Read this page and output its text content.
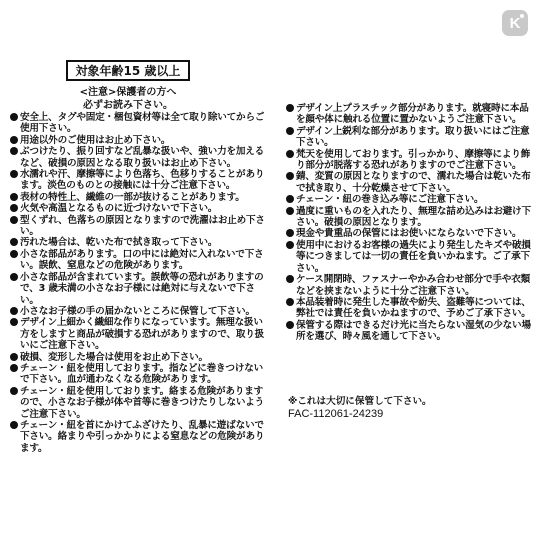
K
対象年齢15 歳以上
<注意>保護者の方へ
必ずお読み下さい。
安全上、タグや固定・梱包資材等は全て取り除いてからご使用下さい。
用途以外のご使用はお止め下さい。
ぶつけたり、振り回すなど乱暴な扱いや、強い力を加えるなど、破損の原因となる取り扱いはお止め下さい。
水濡れや汗、摩擦等により色落ち、色移りすることがあります。淡色のものとの接触には十分ご注意下さい。
表材の特性上、繊維の一部が抜けることがあります。
火気や高温となるものに近づけないで下さい。
型くずれ、色落ちの原因となりますので洗濯はお止め下さい。
汚れた場合は、乾いた布で拭き取って下さい。
小さな部品があります。口の中には絶対に入れないで下さい。誤飲、窒息などの危険があります。
小さな部品が含まれています。誤飲等の恐れがありますので、3 歳未満の小さなお子様には絶対に与えないで下さい。
小さなお子様の手の届かないところに保管して下さい。
デザイン上細かく繊細な作りになっています。無理な扱い方をしますと商品が破損する恐れがありますので、取り扱いにご注意下さい。
破損、変形した場合は使用をお止め下さい。
チェーン・紐を使用しております。指などに巻きつけないで下さい。血が通わなくなる危険があります。
チェーン・紐を使用しております。絡まる危険がありますので、小さなお子様が体や首等に巻きつけたりしないようご注意下さい。
チェーン・紐を首にかけてふざけたり、乱暴に遊ばないで下さい。絡まりや引っかかりによる窒息などの危険があります。
デザイン上プラスチック部分があります。就寝時に本品を顔や体に触れる位置に置かないようご注意下さい。
デザイン上鋭利な部分があります。取り扱いにはご注意下さい。
梵天を使用しております。引っかかり、摩擦等により飾り部分が脱落する恐れがありますのでご注意下さい。
錆、変質の原因となりますので、濡れた場合は乾いた布で拭き取り、十分乾燥させて下さい。
チェーン・紐の巻き込み等にご注意下さい。
過度に重いものを入れたり、無理な詰め込みはお避け下さい。破損の原因となります。
現金や貴重品の保管にはお使いにならないで下さい。
使用中におけるお客様の過失により発生したキズや破損等につきましては一切の責任を負いかねます。ご了承下さい。
ケース開閉時、ファスナーやかみ合わせ部分で手や衣類などを挟まないように十分ご注意下さい。
本品装着時に発生した事故や紛失、盗難等については、弊社では責任を負いかねますので、予めご了承下さい。
保管する際はできるだけ光に当たらない湿気の少ない場所を選び、時々風を通して下さい。
※これは大切に保管して下さい。
FAC-112061-24239
